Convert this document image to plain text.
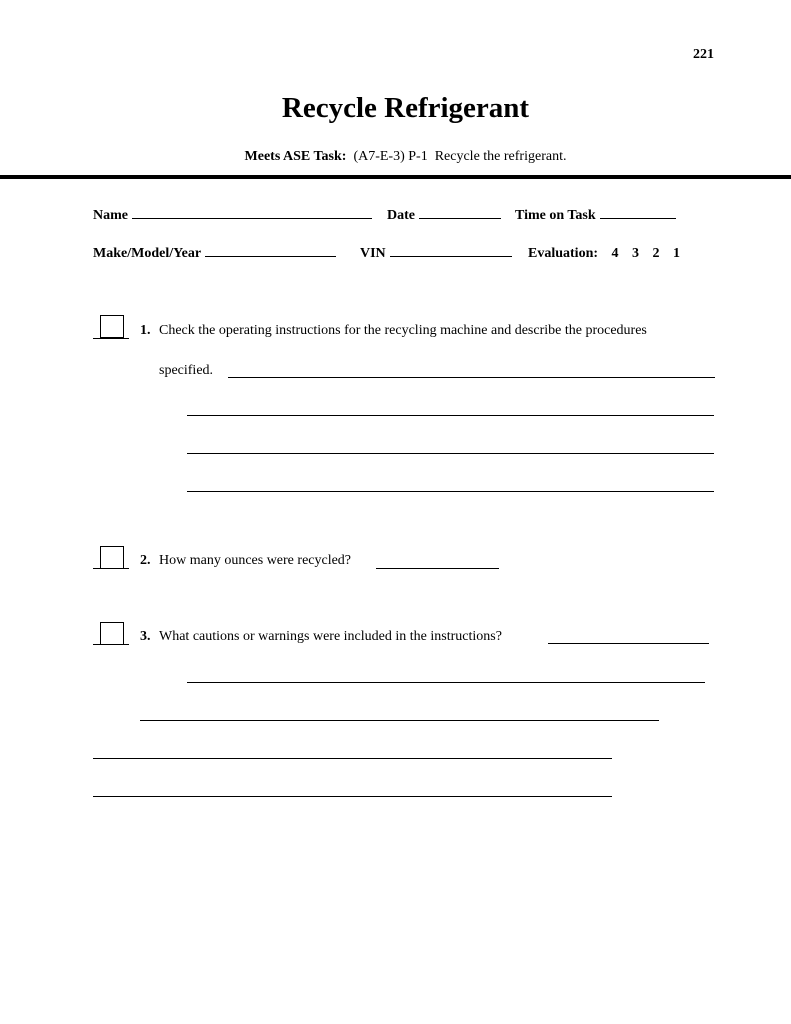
221
Recycle Refrigerant
Meets ASE Task: (A7-E-3) P-1 Recycle the refrigerant.
Name	Date	Time on Task
Make/Model/Year	VIN	Evaluation: 4 3 2 1
1. Check the operating instructions for the recycling machine and describe the procedures
specified.
2. How many ounces were recycled?
3. What cautions or warnings were included in the instructions?
